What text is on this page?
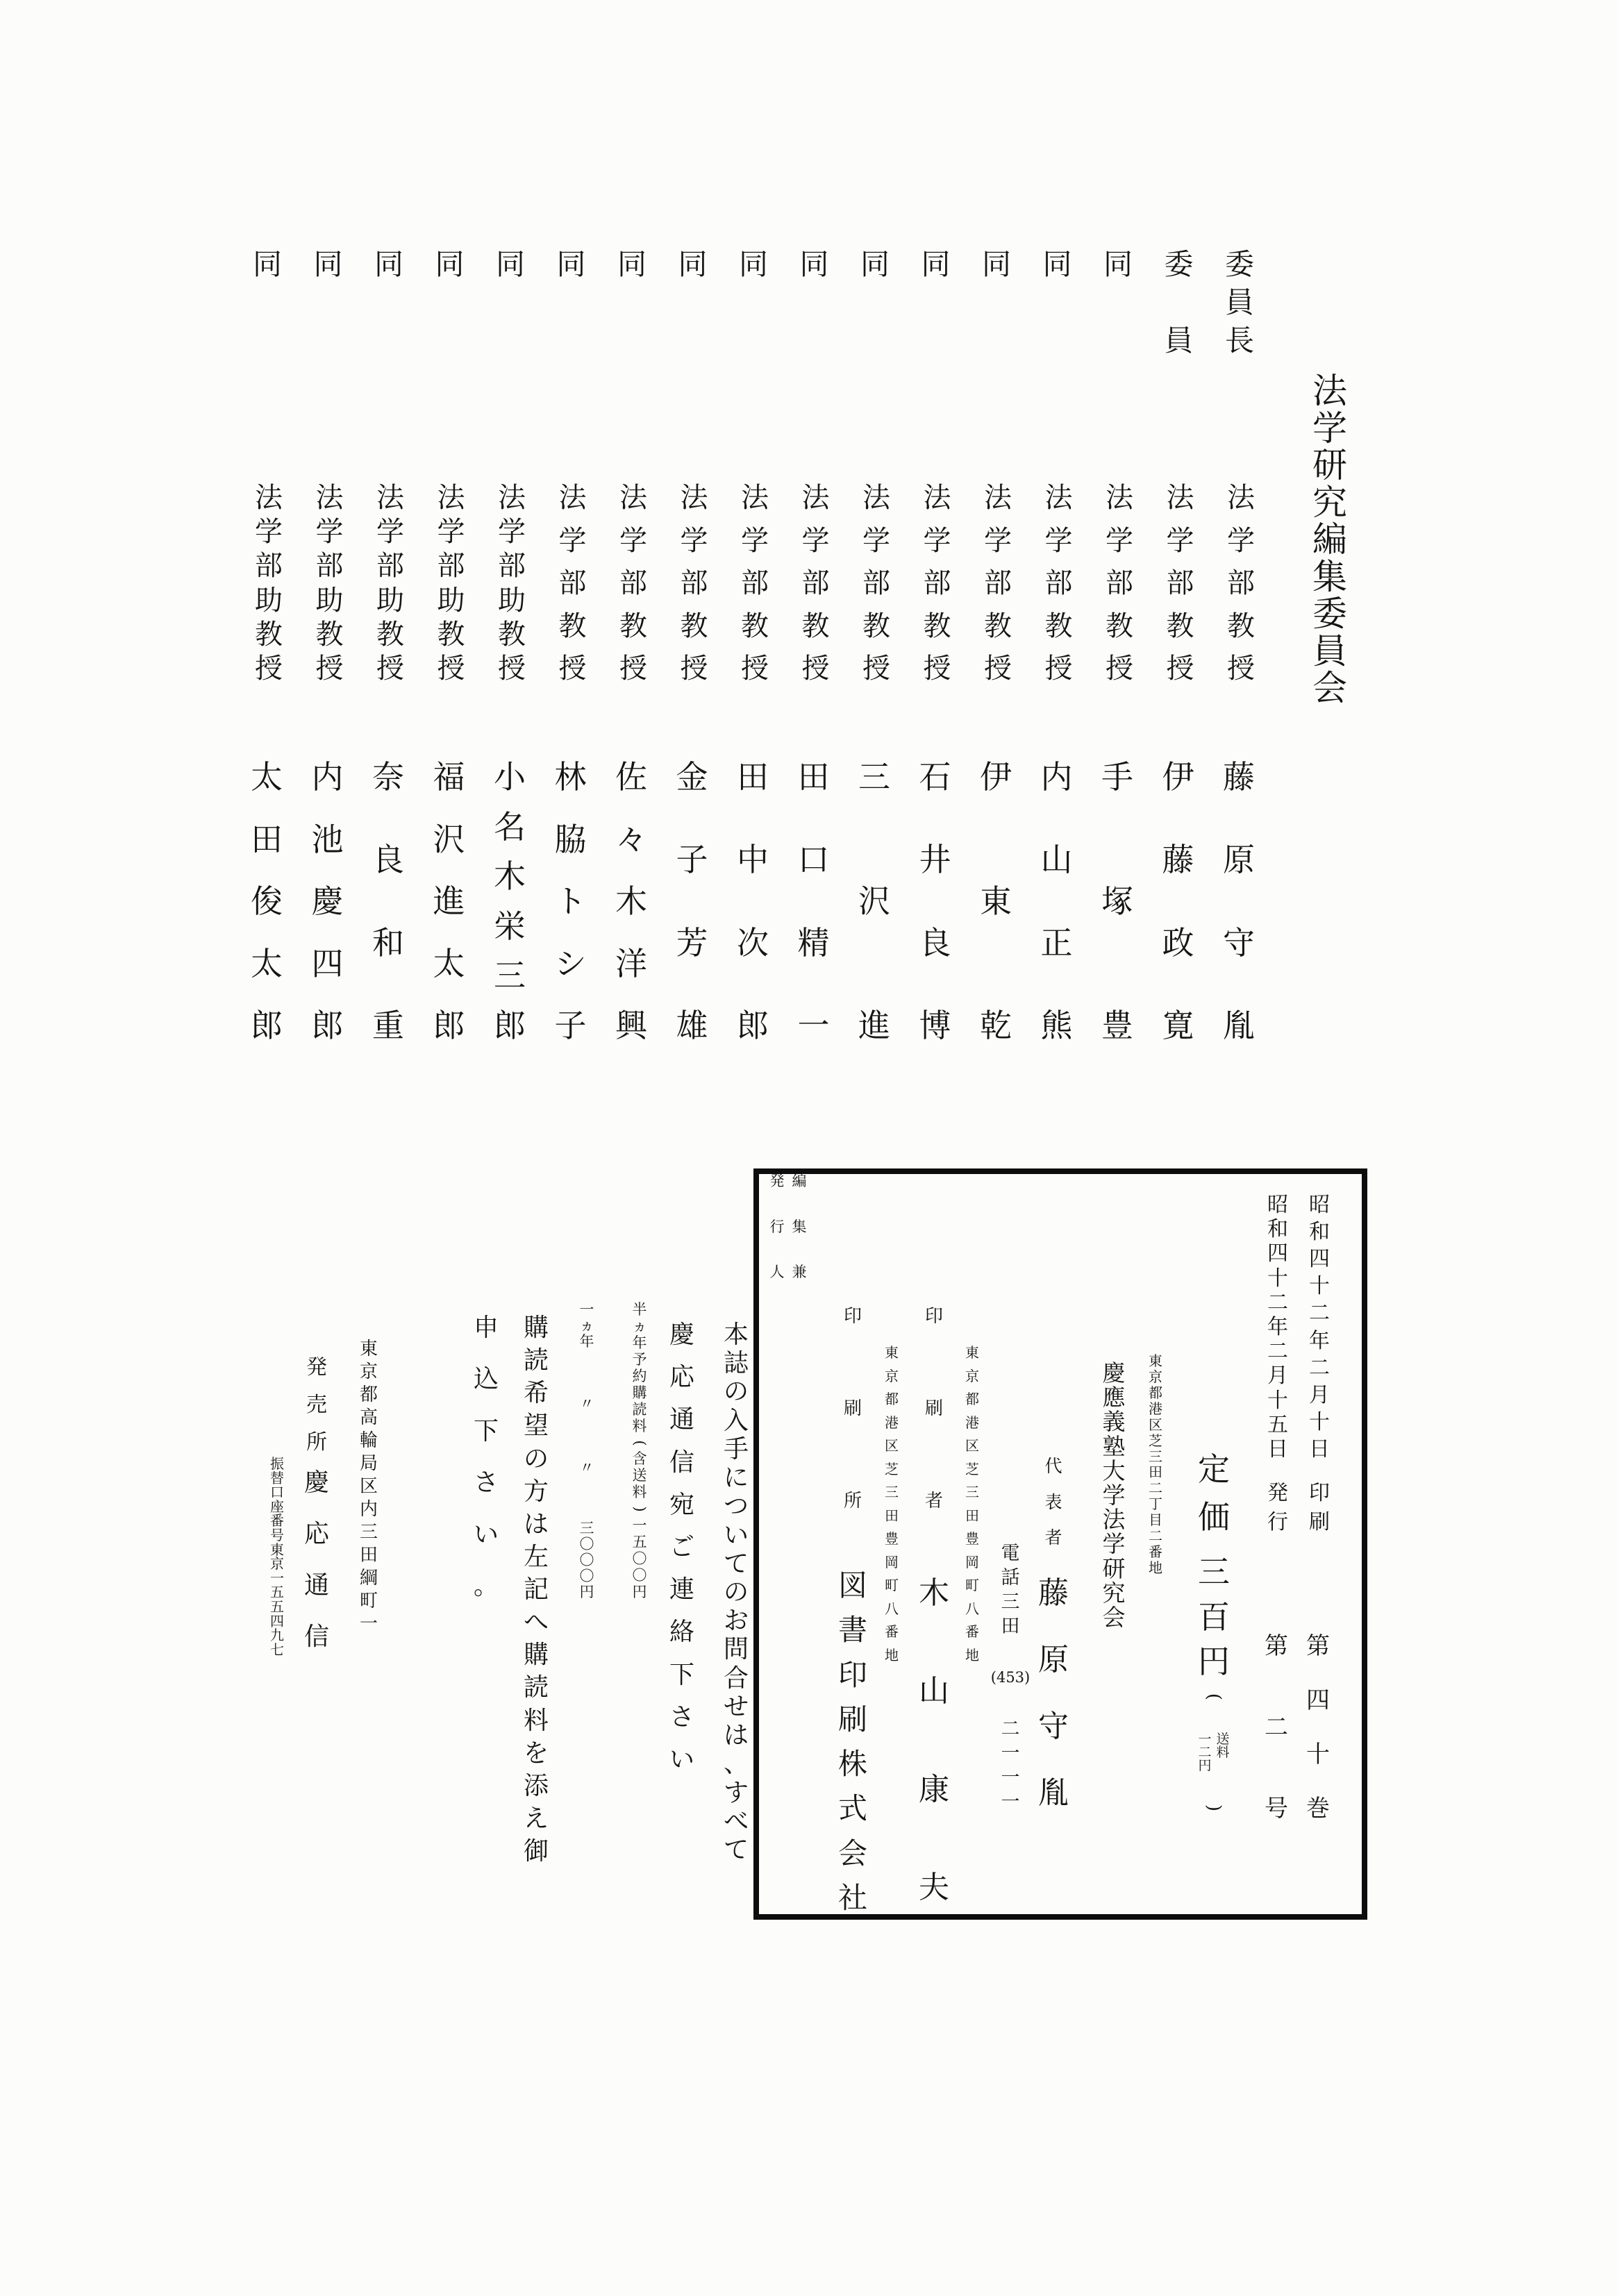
法
学
研
究
編
集
委
員
会
委
員
長
法
学
部
教
授
藤
原
守
胤
委
員
法
学
部
教
授
伊
藤
政
寛
同
法
学
部
教
授
手
塚
豊
同
法
学
部
教
授
内
山
正
熊
同
法
学
部
教
授
伊
東
乾
同
法
学
部
教
授
石
井
良
博
同
法
学
部
教
授
三
沢
進
同
法
学
部
教
授
田
口
精
一
同
法
学
部
教
授
田
中
次
郎
同
法
学
部
教
授
金
子
芳
雄
同
法
学
部
教
授
佐
々
木
洋
興
同
法
学
部
教
授
林
脇
ト
シ
子
同
法
学
部
助
教
授
小
名
木
栄
三
郎
同
法
学
部
助
教
授
福
沢
進
太
郎
同
法
学
部
助
教
授
奈
良
和
重
同
法
学
部
助
教
授
内
池
慶
四
郎
同
法
学
部
助
教
授
太
田
俊
太
郎
昭
和
四
十
二
年
二
月
十
日
印
刷
第
四
十
巻
昭
和
四
十
二
年
二
月
十
五
日
発
行
第
二
号
定
価
三
百
円
(
送
料
一
二
円
)
東
京
都
港
区
芝
三
田
二
丁
目
二
番
地
慶
應
義
塾
大
学
法
学
研
究
会
編
集
兼
発
行
人
代
表
者
藤
原
守
胤
電
話
三
田
(453)
二
一
一
一
東
京
都
港
区
芝
三
田
豊
岡
町
八
番
地
印
刷
者
木
山
康
夫
東
京
都
港
区
芝
三
田
豊
岡
町
八
番
地
印
刷
所
図
書
印
刷
株
式
会
社
本
誌
の
入
手
に
つ
い
て
の
お
問
合
せ
は
、
す
べ
て
慶
応
通
信
宛
ご
連
絡
下
さ
い
半
ヵ
年
予
約
購
読
料
(
含
送
料
)
一
五
〇
〇
円
一
ヵ
年
〃
〃
三
〇
〇
〇
円
購
読
希
望
の
方
は
左
記
へ
購
読
料
を
添
え
御
申
込
下
さ
い
。
東
京
都
高
輪
局
区
内
三
田
綱
町
一
発
売
所
慶
応
通
信
振
替
口
座
番
号
東
京
一
五
五
四
九
七
